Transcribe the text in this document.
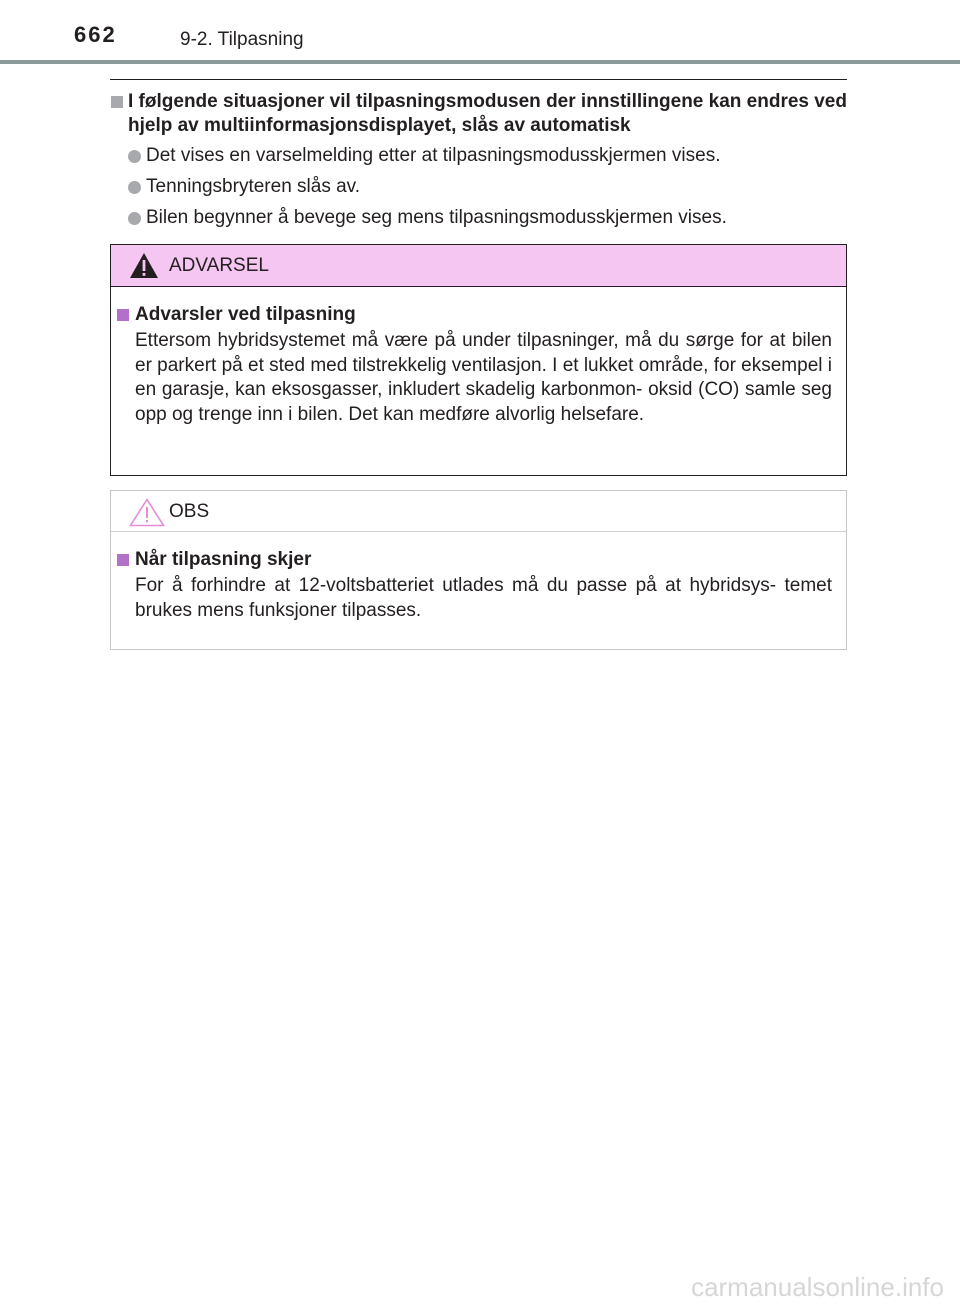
662	9-2. Tilpasning
I følgende situasjoner vil tilpasningsmodusen der innstillingene kan endres ved hjelp av multiinformasjonsdisplayet, slås av automatisk
Det vises en varselmelding etter at tilpasningsmodusskjermen vises.
Tenningsbryteren slås av.
Bilen begynner å bevege seg mens tilpasningsmodusskjermen vises.
ADVARSEL
Advarsler ved tilpasning
Ettersom hybridsystemet må være på under tilpasninger, må du sørge for at bilen er parkert på et sted med tilstrekkelig ventilasjon. I et lukket område, for eksempel i en garasje, kan eksosgasser, inkludert skadelig karbonmon- oksid (CO) samle seg opp og trenge inn i bilen. Det kan medføre alvorlig helsefare.
OBS
Når tilpasning skjer
For å forhindre at 12-voltsbatteriet utlades må du passe på at hybridsys- temet brukes mens funksjoner tilpasses.
carmanualsonline.info
